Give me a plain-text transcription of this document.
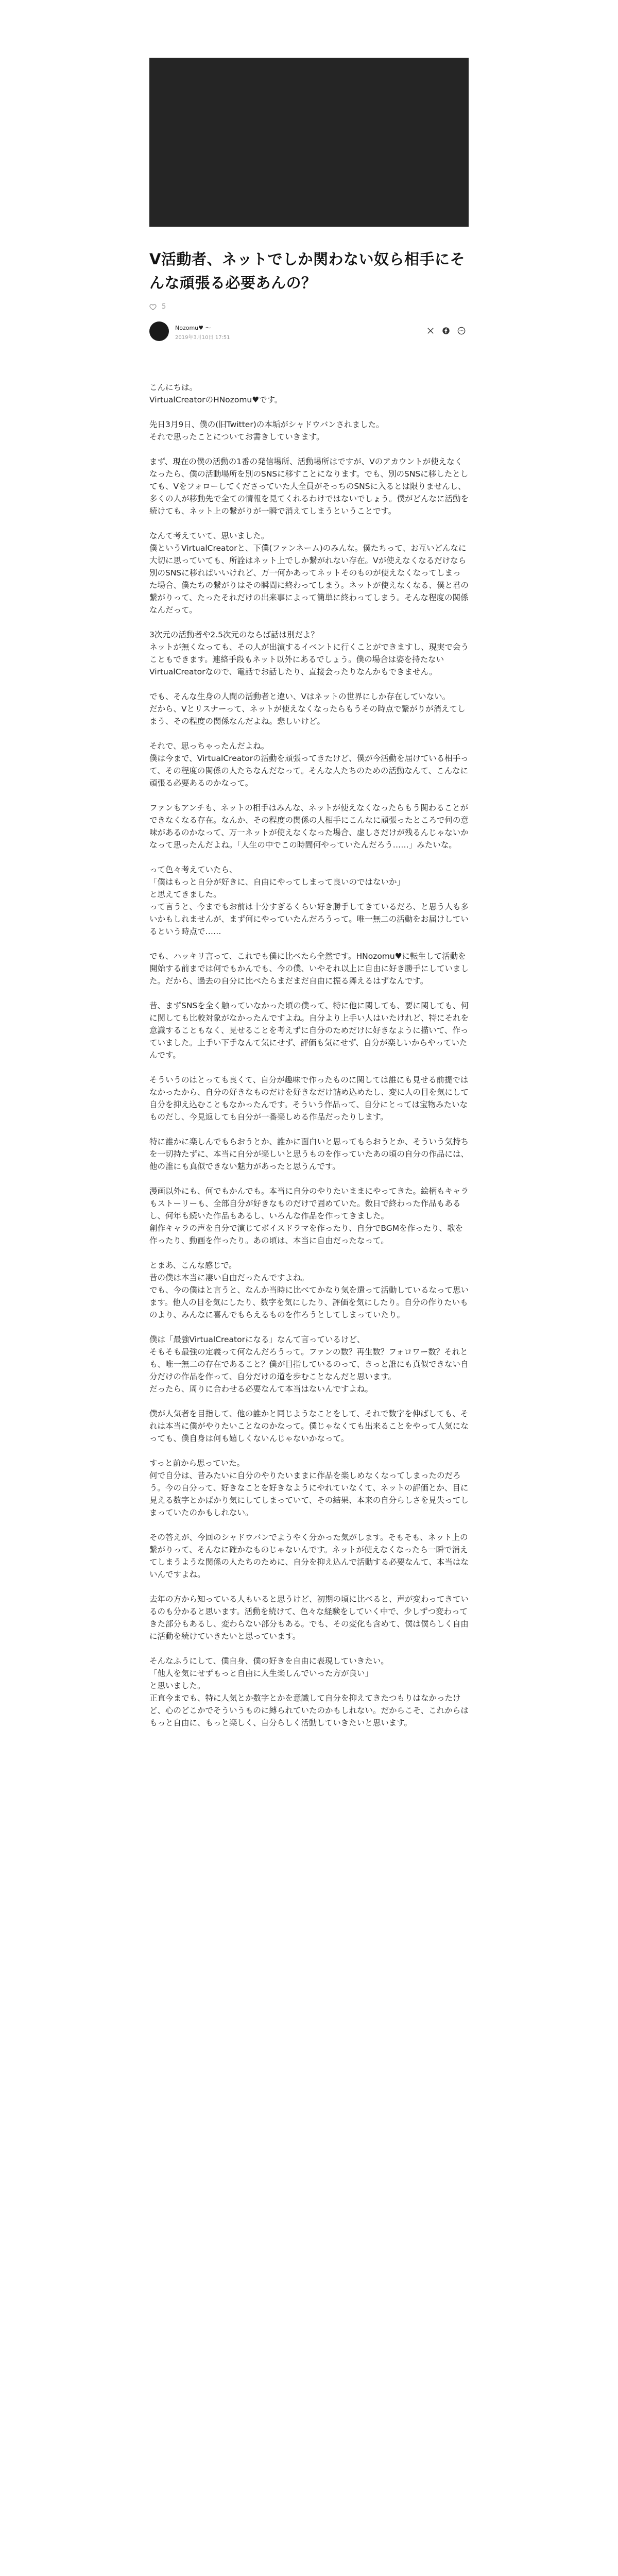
V活動者、ネットでしか関わない奴ら相手にそんな頑張る必要あんの？
5
Nozomu♥ ～
2019年3月10日 17:51

こんにちは。
VirtualCreatorのHNozomu♥です。

先日3月9日、僕の(旧Twitter)の本垢がシャドウバンされました。
それで思ったことについてお書きしていきます。

まず、現在の僕の活動の1番の発信場所、活動場所はですが、Vのアカウントが使えなくなったら、僕の活動場所を別のSNSに移すことになります。でも、別のSNSに移したとしても、Vをフォローしてくださっていた人全員がそっちのSNSに入るとは限りませんし、多くの人が移動先で全ての情報を見てくれるわけではないでしょう。僕がどんなに活動を続けても、ネット上の繋がりが一瞬で消えてしまうということです。

なんて考えていて、思いました。
僕というVirtualCreatorと、下僕(ファンネーム)のみんな。僕たちって、お互いどんなに大切に思っていても、所詮はネット上でしか繋がれない存在。Vが使えなくなるだけなら別のSNSに移ればいいけれど、万一何かあってネットそのものが使えなくなってしまった場合、僕たちの繋がりはその瞬間に終わってしまう。ネットが使えなくなる、僕と君の繋がりって、たったそれだけの出来事によって簡単に終わってしまう。そんな程度の関係なんだって。

3次元の活動者や2.5次元のならば話は別だよ？
ネットが無くなっても、その人が出演するイベントに行くことができますし、現実で会うこともできます。連絡手段もネット以外にあるでしょう。僕の場合は姿を持たないVirtualCreatorなので、電話でお話したり、直接会ったりなんかもできません。

でも、そんな生身の人間の活動者と違い、Vはネットの世界にしか存在していない。
だから、Vとリスナーって、ネットが使えなくなったらもうその時点で繋がりが消えてしまう、その程度の関係なんだよね。悲しいけど。

それで、思っちゃったんだよね。
僕は今まで、VirtualCreatorの活動を頑張ってきたけど、僕が今活動を届けている相手って、その程度の関係の人たちなんだなって。そんな人たちのための活動なんて、こんなに頑張る必要あるのかなって。

ファンもアンチも、ネットの相手はみんな、ネットが使えなくなったらもう関わることができなくなる存在。なんか、その程度の関係の人相手にこんなに頑張ったところで何の意味があるのかなって、万一ネットが使えなくなった場合、虚しさだけが残るんじゃないかなって思ったんだよね。「人生の中でこの時間何やっていたんだろう……」みたいな。

って色々考えていたら、
「僕はもっと自分が好きに、自由にやってしまって良いのではないか」
と思えてきました。
って言うと、今までもお前は十分すぎるくらい好き勝手してきているだろ、と思う人も多いかもしれませんが、まず何にやっていたんだろうって。唯一無二の活動をお届けしているという時点で……

でも、ハッキリ言って、これでも僕に比べたら全然です。HNozomu♥に転生して活動を開始する前までは何でもかんでも、今の僕、いやそれ以上に自由に好き勝手にしていました。だから、過去の自分に比べたらまだまだ自由に振る舞えるはずなんです。

昔、まずSNSを全く触っていなかった頃の僕って、特に他に関しても、要に関しても、何に関しても比較対象がなかったんですよね。自分より上手い人はいたけれど、特にそれを意識することもなく、見せることを考えずに自分のためだけに好きなように描いて、作っていました。上手い下手なんて気にせず、評価も気にせず、自分が楽しいからやっていたんです。

そういうのはとっても良くて、自分が趣味で作ったものに関しては誰にも見せる前提ではなかったから、自分の好きなものだけを好きなだけ詰め込めたし、変に人の目を気にして自分を抑え込むこともなかったんです。そういう作品って、自分にとっては宝物みたいなものだし、今見返しても自分が一番楽しめる作品だったりします。

特に誰かに楽しんでもらおうとか、誰かに面白いと思ってもらおうとか、そういう気持ちを一切持たずに、本当に自分が楽しいと思うものを作っていたあの頃の自分の作品には、他の誰にも真似できない魅力があったと思うんです。

漫画以外にも、何でもかんでも。本当に自分のやりたいままにやってきた。絵柄もキャラもストーリーも、全部自分が好きなものだけで固めていた。数日で終わった作品もあるし、何年も続いた作品もあるし、いろんな作品を作ってきました。
創作キャラの声を自分で演じてボイスドラマを作ったり、自分でBGMを作ったり、歌を作ったり、動画を作ったり。あの頃は、本当に自由だったなって。

とまあ、こんな感じで。
昔の僕は本当に凄い自由だったんですよね。
でも、今の僕はと言うと、なんか当時に比べてかなり気を遣って活動しているなって思います。他人の目を気にしたり、数字を気にしたり、評価を気にしたり。自分の作りたいものより、みんなに喜んでもらえるものを作ろうとしてしまっていたり。

僕は「最強VirtualCreatorになる」なんて言っているけど、
そもそも最強の定義って何なんだろうって。ファンの数？再生数？フォロワー数？それとも、唯一無二の存在であること？僕が目指しているのって、きっと誰にも真似できない自分だけの作品を作って、自分だけの道を歩むことなんだと思います。
だったら、周りに合わせる必要なんて本当はないんですよね。

僕が人気者を目指して、他の誰かと同じようなことをして、それで数字を伸ばしても、それは本当に僕がやりたいことなのかなって。僕じゃなくても出来ることをやって人気になっても、僕自身は何も嬉しくないんじゃないかなって。

すっと前から思っていた。
何で自分は、昔みたいに自分のやりたいままに作品を楽しめなくなってしまったのだろう。今の自分って、好きなことを好きなようにやれていなくて、ネットの評価とか、目に見える数字とかばかり気にしてしまっていて、その結果、本来の自分らしさを見失ってしまっていたのかもしれない。

その答えが、今回のシャドウバンでようやく分かった気がします。そもそも、ネット上の繋がりって、そんなに確かなものじゃないんです。ネットが使えなくなったら一瞬で消えてしまうような関係の人たちのために、自分を抑え込んで活動する必要なんて、本当はないんですよね。

去年の方から知っている人もいると思うけど、初期の頃に比べると、声が変わってきているのも分かると思います。活動を続けて、色々な経験をしていく中で、少しずつ変わってきた部分もあるし、変わらない部分もある。でも、その変化も含めて、僕は僕らしく自由に活動を続けていきたいと思っています。

そんなふうにして、僕自身、僕の好きを自由に表現していきたい。
「他人を気にせずもっと自由に人生楽しんでいった方が良い」
と思いました。
正直今までも、特に人気とか数字とかを意識して自分を抑えてきたつもりはなかったけど、心のどこかでそういうものに縛られていたのかもしれない。だからこそ、これからはもっと自由に、もっと楽しく、自分らしく活動していきたいと思います。
